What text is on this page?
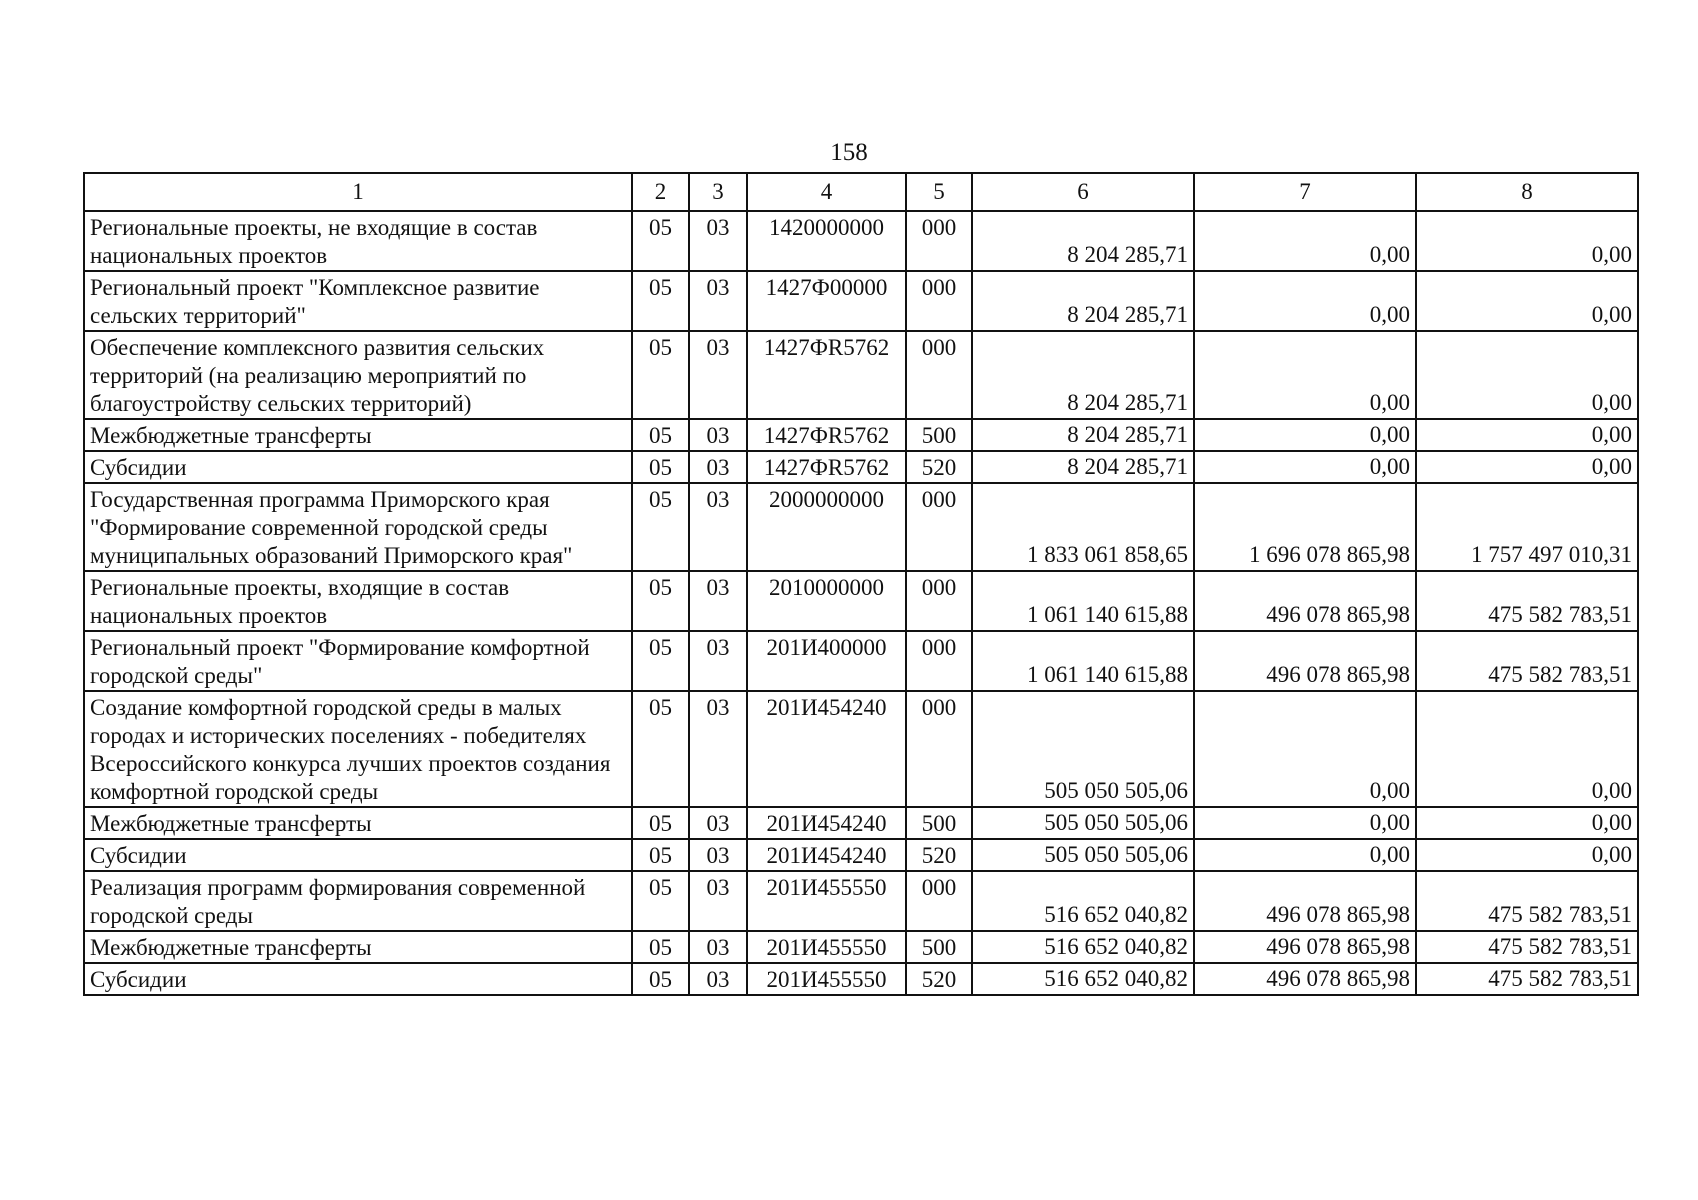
158
1	2	3	4	5	6	7	8
Региональные проекты, не входящие в состав национальных проектов	05	03	1420000000	000	8 204 285,71	0,00	0,00
Региональный проект "Комплексное развитие сельских территорий"	05	03	1427Ф00000	000	8 204 285,71	0,00	0,00
Обеспечение комплексного развития сельских территорий (на реализацию мероприятий по благоустройству сельских территорий)	05	03	1427ФR5762	000	8 204 285,71	0,00	0,00
Межбюджетные трансферты	05	03	1427ФR5762	500	8 204 285,71	0,00	0,00
Субсидии	05	03	1427ФR5762	520	8 204 285,71	0,00	0,00
Государственная программа Приморского края "Формирование современной городской среды муниципальных образований Приморского края"	05	03	2000000000	000	1 833 061 858,65	1 696 078 865,98	1 757 497 010,31
Региональные проекты, входящие в состав национальных проектов	05	03	2010000000	000	1 061 140 615,88	496 078 865,98	475 582 783,51
Региональный проект "Формирование комфортной городской среды"	05	03	201И400000	000	1 061 140 615,88	496 078 865,98	475 582 783,51
Создание комфортной городской среды в малых городах и исторических поселениях - победителях Всероссийского конкурса лучших проектов создания комфортной городской среды	05	03	201И454240	000	505 050 505,06	0,00	0,00
Межбюджетные трансферты	05	03	201И454240	500	505 050 505,06	0,00	0,00
Субсидии	05	03	201И454240	520	505 050 505,06	0,00	0,00
Реализация программ формирования современной городской среды	05	03	201И455550	000	516 652 040,82	496 078 865,98	475 582 783,51
Межбюджетные трансферты	05	03	201И455550	500	516 652 040,82	496 078 865,98	475 582 783,51
Субсидии	05	03	201И455550	520	516 652 040,82	496 078 865,98	475 582 783,51
